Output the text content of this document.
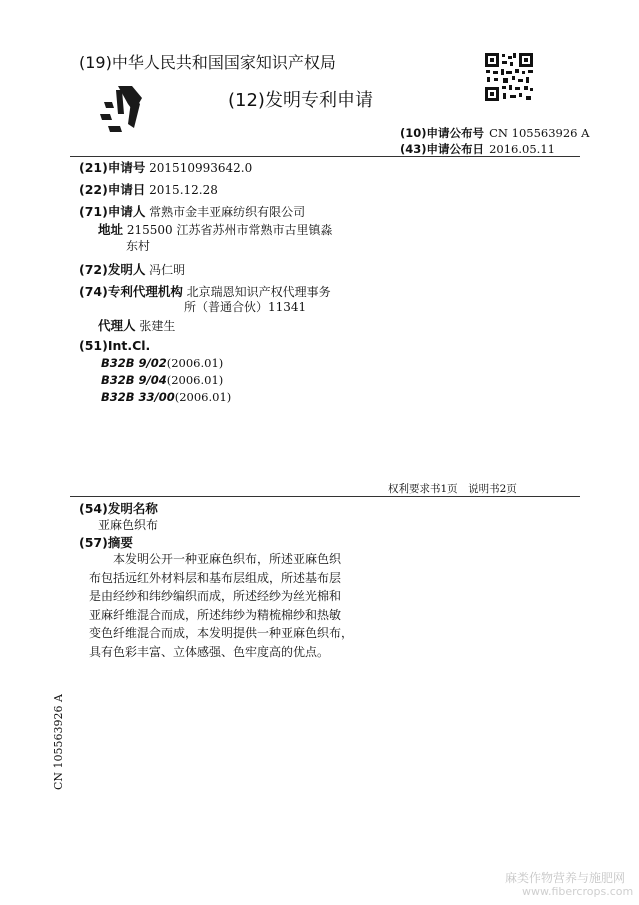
(19)中华人民共和国国家知识产权局
(12)发明专利申请
(10)申请公布号 CN 105563926 A
(43)申请公布日 2016.05.11
(21)申请号 201510993642.0
(22)申请日 2015.12.28
(71)申请人 常熟市金丰亚麻纺织有限公司
地址 215500 江苏省苏州市常熟市古里镇淼
东村
(72)发明人 冯仁明
(74)专利代理机构 北京瑞恩知识产权代理事务
所（普通合伙）11341
代理人 张建生
(51)Int.Cl.
B32B 9/02(2006.01)
B32B 9/04(2006.01)
B32B 33/00(2006.01)
权利要求书1页　说明书2页
(54)发明名称
亚麻色织布
(57)摘要
　　本发明公开一种亚麻色织布，所述亚麻色织
布包括远红外材料层和基布层组成，所述基布层
是由经纱和纬纱编织而成，所述经纱为丝光棉和
亚麻纤维混合而成，所述纬纱为精梳棉纱和热敏
变色纤维混合而成，本发明提供一种亚麻色织布，
具有色彩丰富、立体感强、色牢度高的优点。
CN 105563926 A
麻类作物营养与施肥网
www.fibercrops.com
